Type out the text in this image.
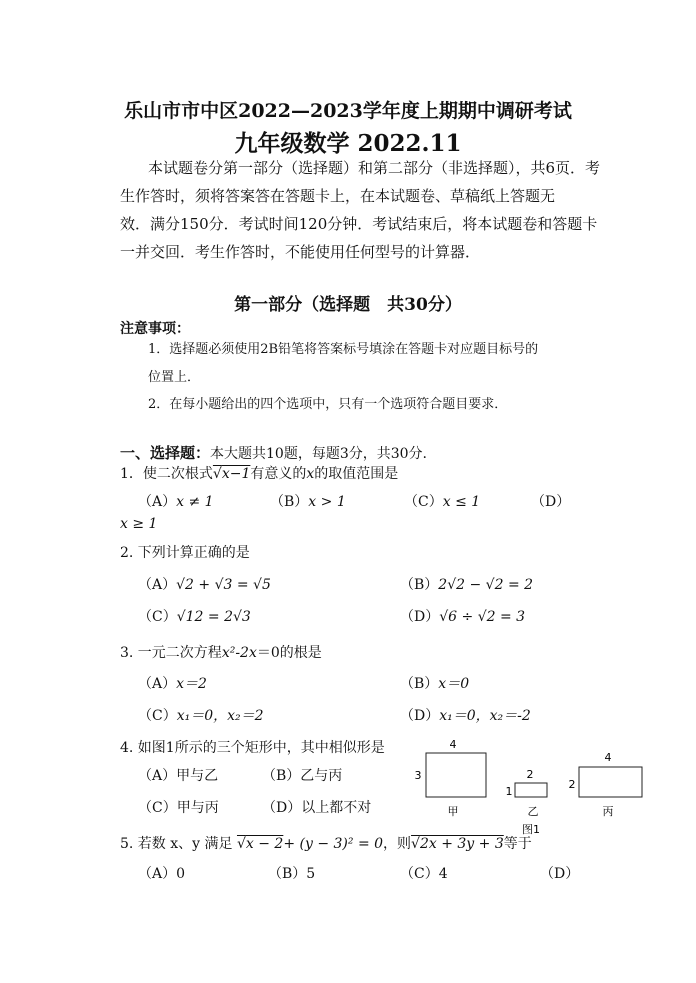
乐山市市中区2022—2023学年度上期期中调研考试
九年级数学 2022.11
本试题卷分第一部分（选择题）和第二部分（非选择题），共6页．考
生作答时，须将答案答在答题卡上，在本试题卷、草稿纸上答题无
效．满分150分．考试时间120分钟．考试结束后，将本试题卷和答题卡
一并交回．考生作答时，不能使用任何型号的计算器．
第一部分（选择题　共30分）
注意事项：
1．选择题必须使用2B铅笔将答案标号填涂在答题卡对应题目标号的
位置上．
2．在每小题给出的四个选项中，只有一个选项符合题目要求．
一、选择题：本大题共10题，每题3分，共30分.
1．使二次根式√x−1有意义的x的取值范围是
（A）x ≠ 1	（B）x > 1	（C）x ≤ 1	（D）
x ≥ 1
2. 下列计算正确的是
（A）√2 + √3 = √5	（B）2√2 − √2 = 2
（C）√12 = 2√3	（D）√6 ÷ √2 = 3
3. 一元二次方程x²-2x＝0的根是
（A）x＝2	（B）x＝0
（C）x₁＝0，x₂＝2	（D）x₁＝0，x₂＝-2
4. 如图1所示的三个矩形中，其中相似形是
（A）甲与乙	（B）乙与丙
（C）甲与丙	（D）以上都不对
4
3
甲
2
1
乙
图1
4
2
丙
5. 若数 x、y 满足 √x − 2+ (y − 3)² = 0，则√2x + 3y + 3等于
（A）0	（B）5	（C）4	（D）
